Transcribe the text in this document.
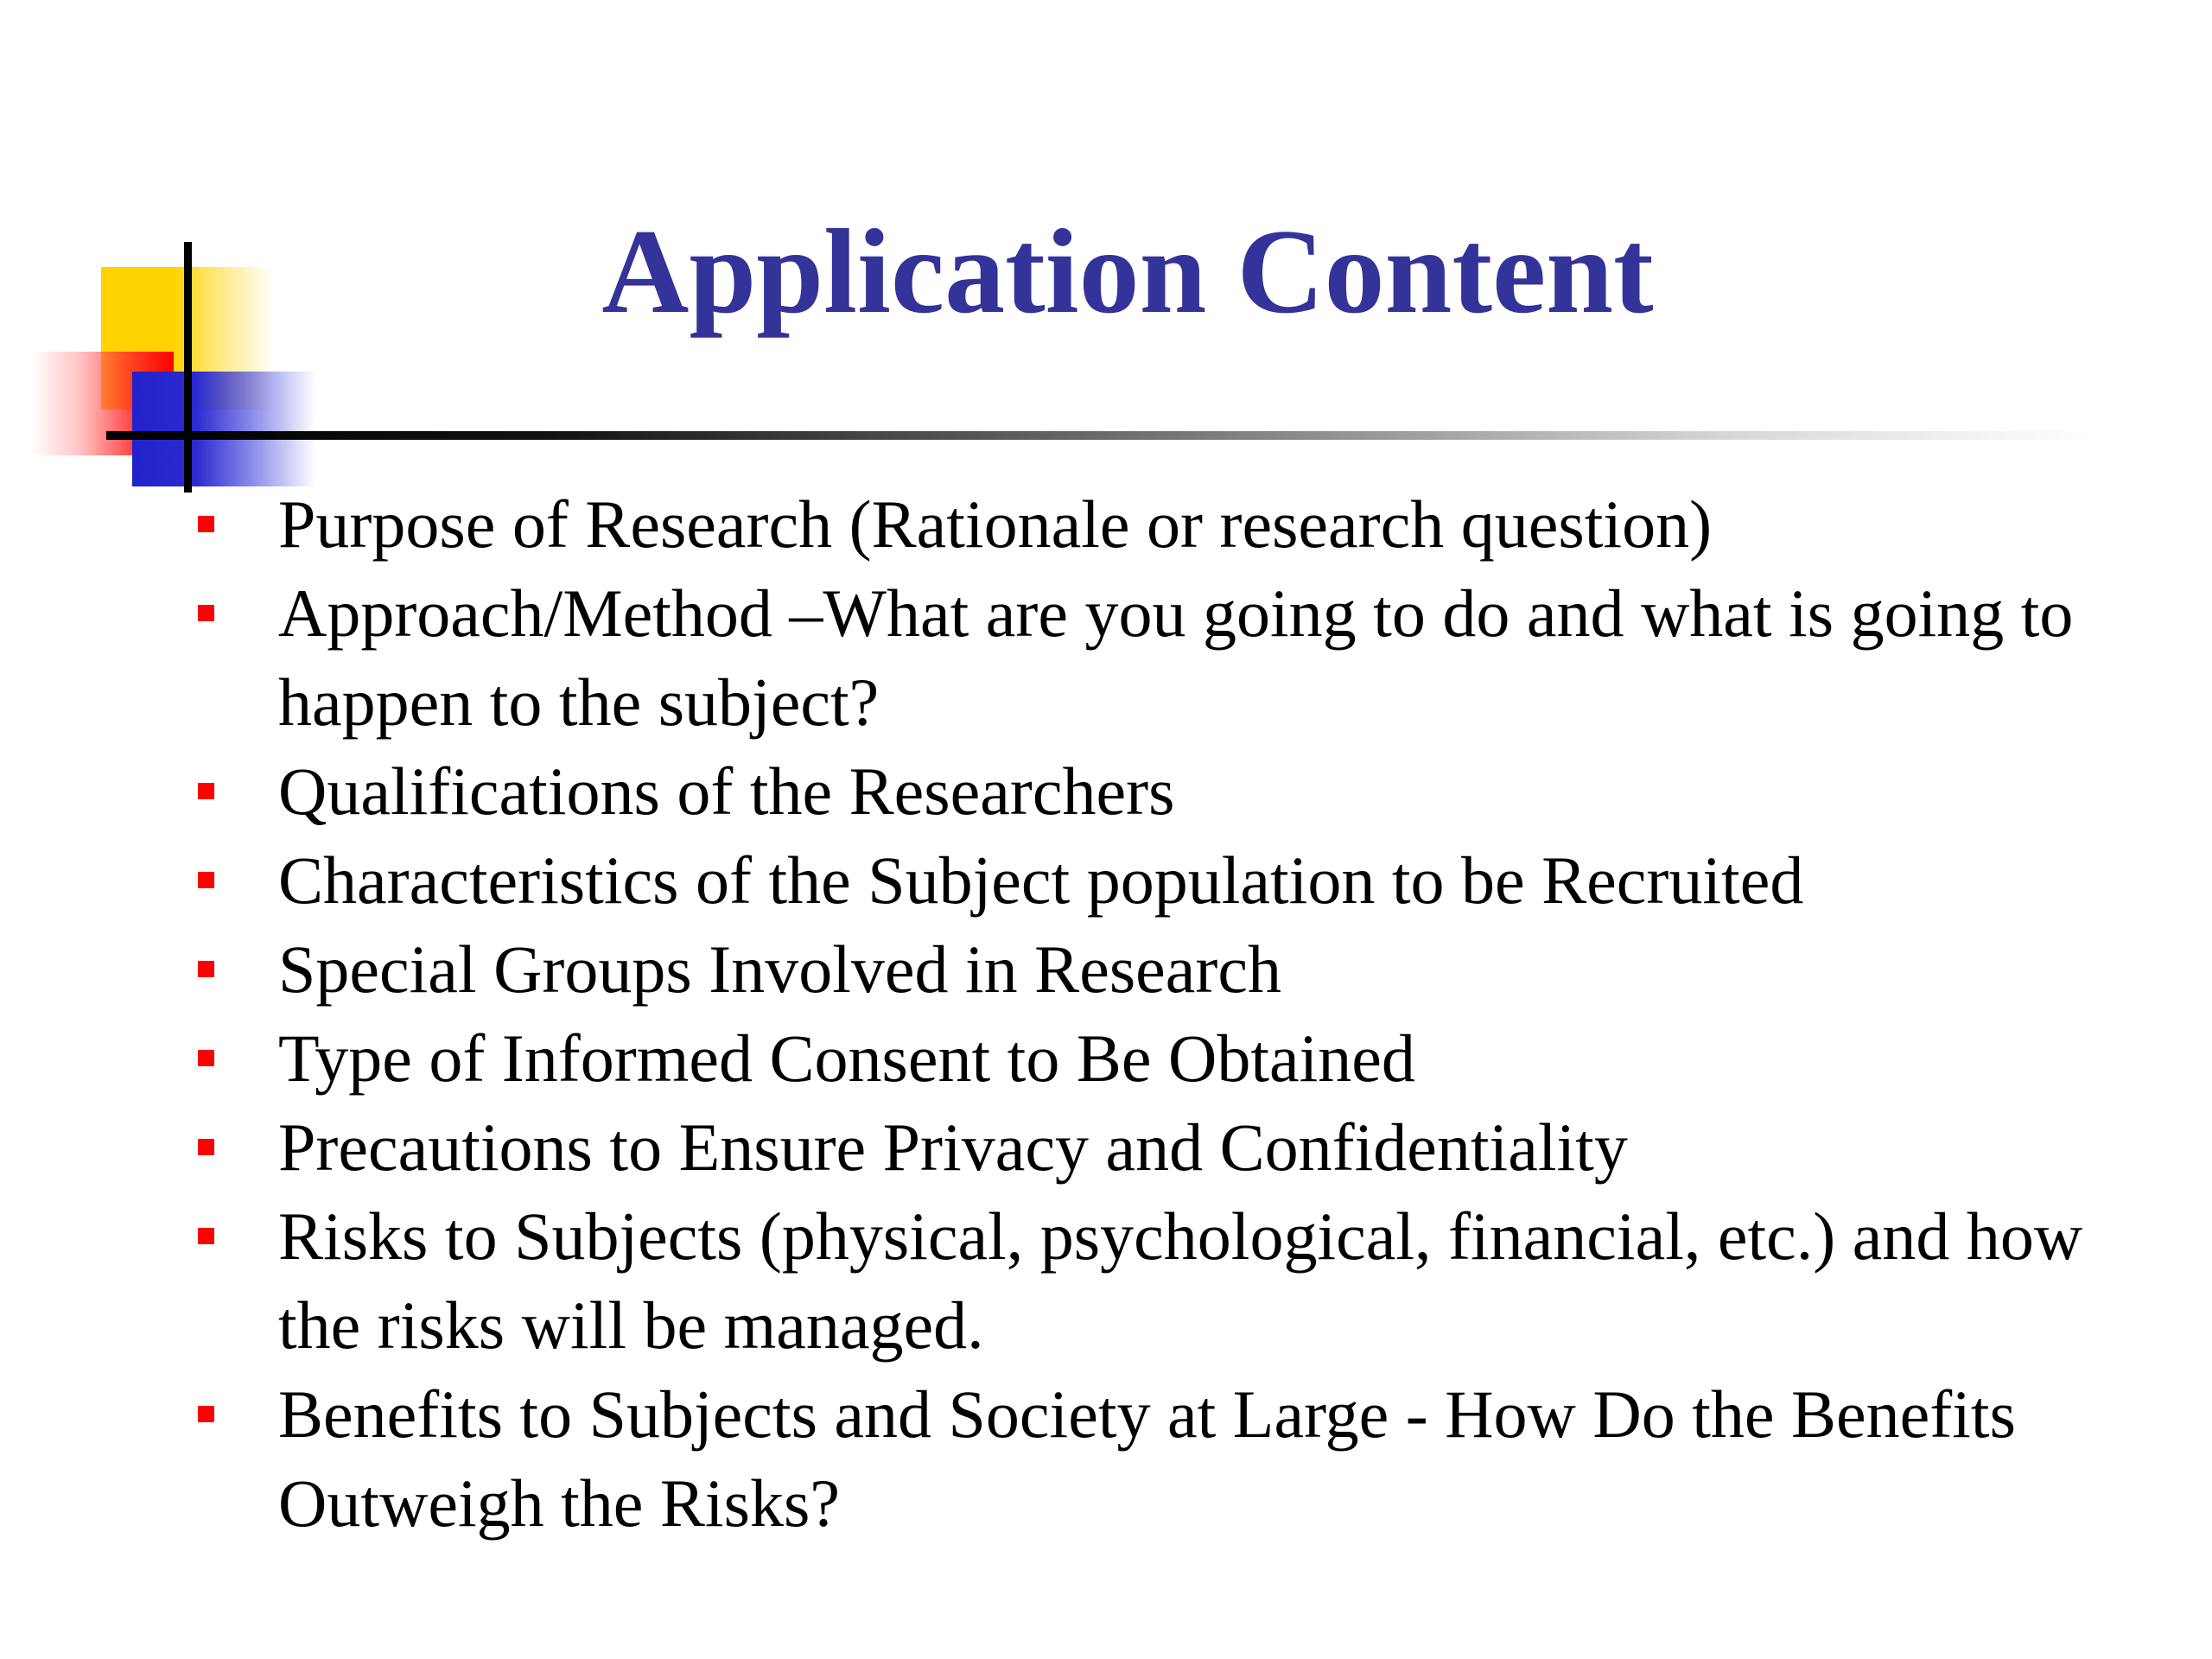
Application Content
Purpose of Research (Rationale or research question)
Approach/Method –What are you going to do and what is going to happen to the subject?
Qualifications of the Researchers
Characteristics of the Subject population to be Recruited
Special Groups Involved in Research
Type of Informed Consent to Be Obtained
Precautions to Ensure Privacy and Confidentiality
Risks to Subjects (physical, psychological, financial, etc.) and how the risks will be managed.
Benefits to Subjects and Society at Large - How Do the Benefits Outweigh the Risks?
